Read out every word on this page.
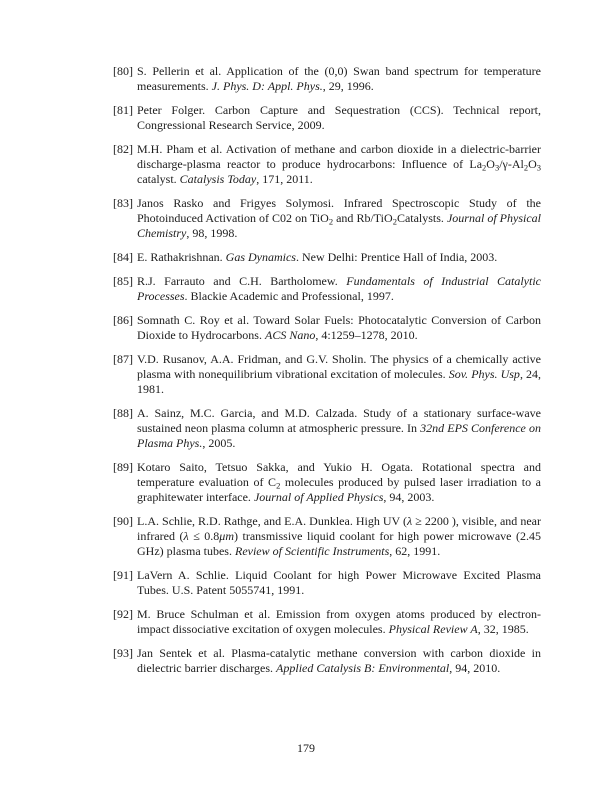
[80] S. Pellerin et al. Application of the (0,0) Swan band spectrum for temperature measurements. J. Phys. D: Appl. Phys., 29, 1996.
[81] Peter Folger. Carbon Capture and Sequestration (CCS). Technical report, Congressional Research Service, 2009.
[82] M.H. Pham et al. Activation of methane and carbon dioxide in a dielectric-barrier discharge-plasma reactor to produce hydrocarbons: Influence of $La_2O_3/\gamma-Al_2O_3$ catalyst. Catalysis Today, 171, 2011.
[83] Janos Rasko and Frigyes Solymosi. Infrared Spectroscopic Study of the Photoinduced Activation of C02 on TiO$_2$ and Rb/TiO$_2$Catalysts. Journal of Physical Chemistry, 98, 1998.
[84] E. Rathakrishnan. Gas Dynamics. New Delhi: Prentice Hall of India, 2003.
[85] R.J. Farrauto and C.H. Bartholomew. Fundamentals of Industrial Catalytic Processes. Blackie Academic and Professional, 1997.
[86] Somnath C. Roy et al. Toward Solar Fuels: Photocatalytic Conversion of Carbon Dioxide to Hydrocarbons. ACS Nano, 4:1259–1278, 2010.
[87] V.D. Rusanov, A.A. Fridman, and G.V. Sholin. The physics of a chemically active plasma with nonequilibrium vibrational excitation of molecules. Sov. Phys. Usp, 24, 1981.
[88] A. Sainz, M.C. Garcia, and M.D. Calzada. Study of a stationary surface-wave sustained neon plasma column at atmospheric pressure. In 32nd EPS Conference on Plasma Phys., 2005.
[89] Kotaro Saito, Tetsuo Sakka, and Yukio H. Ogata. Rotational spectra and temperature evaluation of $C_2$ molecules produced by pulsed laser irradiation to a graphitewater interface. Journal of Applied Physics, 94, 2003.
[90] L.A. Schlie, R.D. Rathge, and E.A. Dunklea. High UV (λ ≥ 2200 ), visible, and near infrared (λ ≤ 0.8μm) transmissive liquid coolant for high power microwave (2.45 GHz) plasma tubes. Review of Scientific Instruments, 62, 1991.
[91] LaVern A. Schlie. Liquid Coolant for high Power Microwave Excited Plasma Tubes. U.S. Patent 5055741, 1991.
[92] M. Bruce Schulman et al. Emission from oxygen atoms produced by electron-impact dissociative excitation of oxygen molecules. Physical Review A, 32, 1985.
[93] Jan Sentek et al. Plasma-catalytic methane conversion with carbon dioxide in dielectric barrier discharges. Applied Catalysis B: Environmental, 94, 2010.
179
